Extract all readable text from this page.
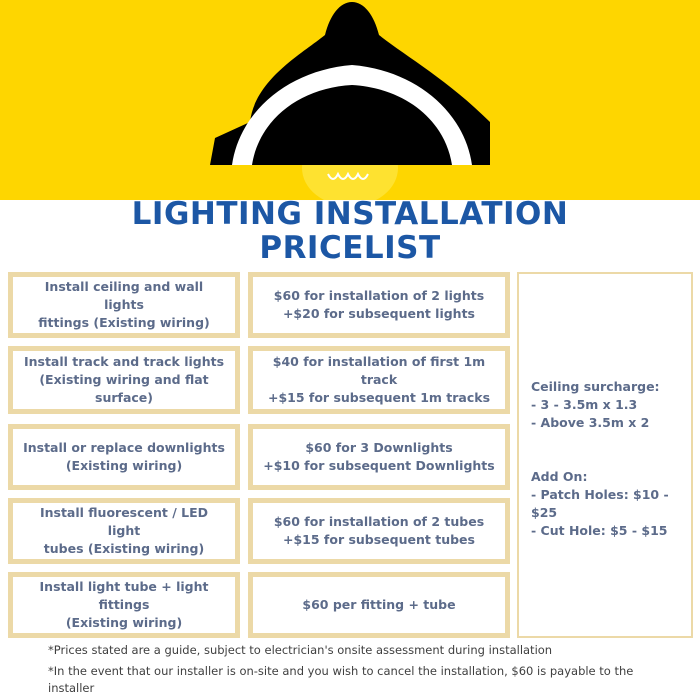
LIGHTING INSTALLATION
PRICELIST
Install ceiling and wall lights
fittings (Existing wiring)
$60 for installation of 2 lights
+$20 for subsequent lights
Install track and track lights
(Existing wiring and flat surface)
$40 for installation of first 1m track
+$15 for subsequent 1m tracks
Install or replace downlights
(Existing wiring)
$60 for 3 Downlights
+$10 for subsequent Downlights
Install fluorescent / LED light
tubes (Existing wiring)
$60 for installation of 2 tubes
+$15 for subsequent tubes
Install light tube + light fittings
(Existing wiring)
$60 per fitting + tube
Ceiling surcharge:
- 3 - 3.5m x 1.3
- Above 3.5m x 2
Add On:
- Patch Holes: $10 -
$25
- Cut Hole: $5 - $15
*Prices stated are a guide, subject to electrician's onsite assessment during installation
*In the event that our installer is on-site and you wish to cancel the installation, $60 is payable to the installer
